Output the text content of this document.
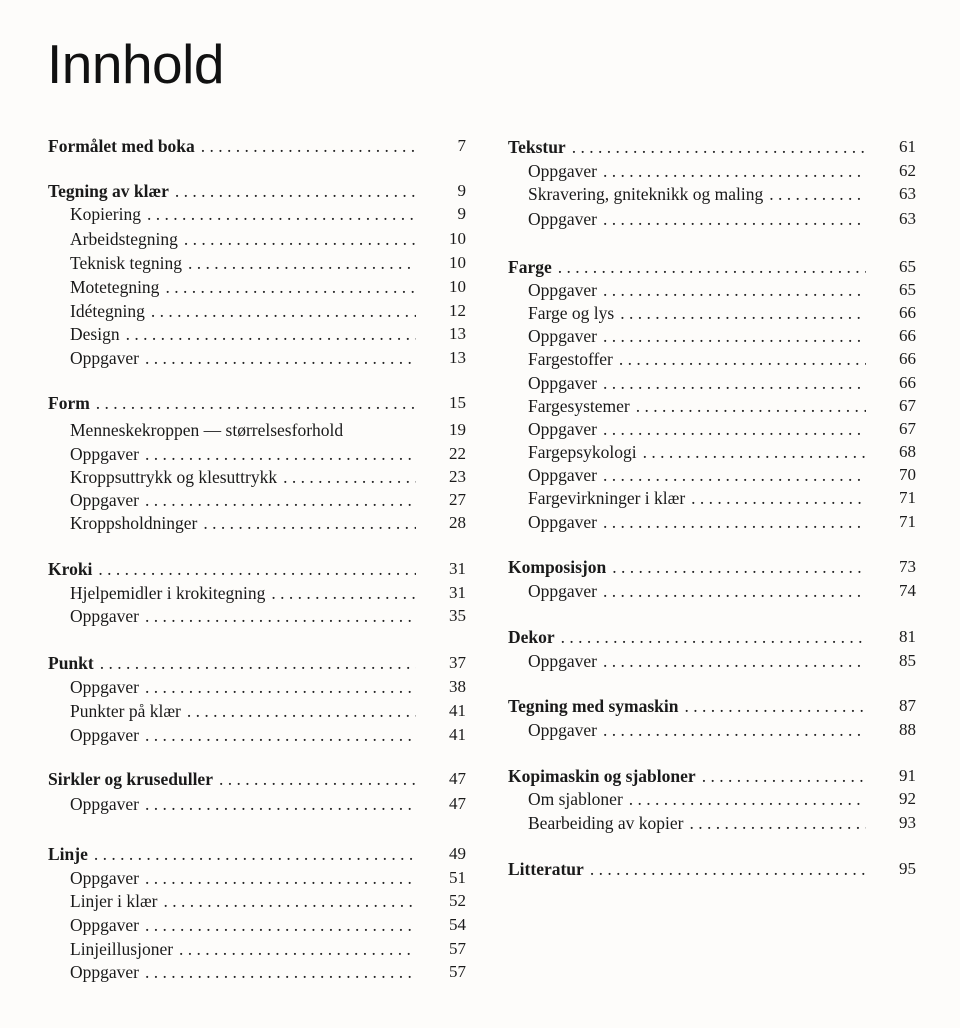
Innhold
Formålet med boka . . .	7
Tegning av klær . . .	9
Kopiering . . .	9
Arbeidstegning . . .	10
Teknisk tegning . . .	10
Motetegning . . .	10
Idétegning . . .	12
Design . . .	13
Oppgaver . . .	13
Form . . .	15
Menneskekroppen — størrelsesforhold	19
Oppgaver . . .	22
Kroppsuttrykk og klesuttrykk . . .	23
Oppgaver . . .	27
Kroppsholdninger . . .	28
Kroki . . .	31
Hjelpemidler i krokitegning . . .	31
Oppgaver . . .	35
Punkt . . .	37
Oppgaver . . .	38
Punkter på klær . . .	41
Oppgaver . . .	41
Sirkler og kruseduller . . .	47
Oppgaver . . .	47
Linje . . .	49
Oppgaver . . .	51
Linjer i klær . . .	52
Oppgaver . . .	54
Linjeillusjoner . . .	57
Oppgaver . . .	57
Tekstur . . .	61
Oppgaver . . .	62
Skravering, gniteknikk og maling . . .	63
Oppgaver . . .	63
Farge . . .	65
Oppgaver . . .	65
Farge og lys . . .	66
Oppgaver . . .	66
Fargestoffer . . .	66
Oppgaver . . .	66
Fargesystemer . . .	67
Oppgaver . . .	67
Fargepsykologi . . .	68
Oppgaver . . .	70
Fargevirkninger i klær . . .	71
Oppgaver . . .	71
Komposisjon . . .	73
Oppgaver . . .	74
Dekor . . .	81
Oppgaver . . .	85
Tegning med symaskin . . .	87
Oppgaver . . .	88
Kopimaskin og sjabloner . . .	91
Om sjabloner . . .	92
Bearbeiding av kopier . . .	93
Litteratur . . .	95
